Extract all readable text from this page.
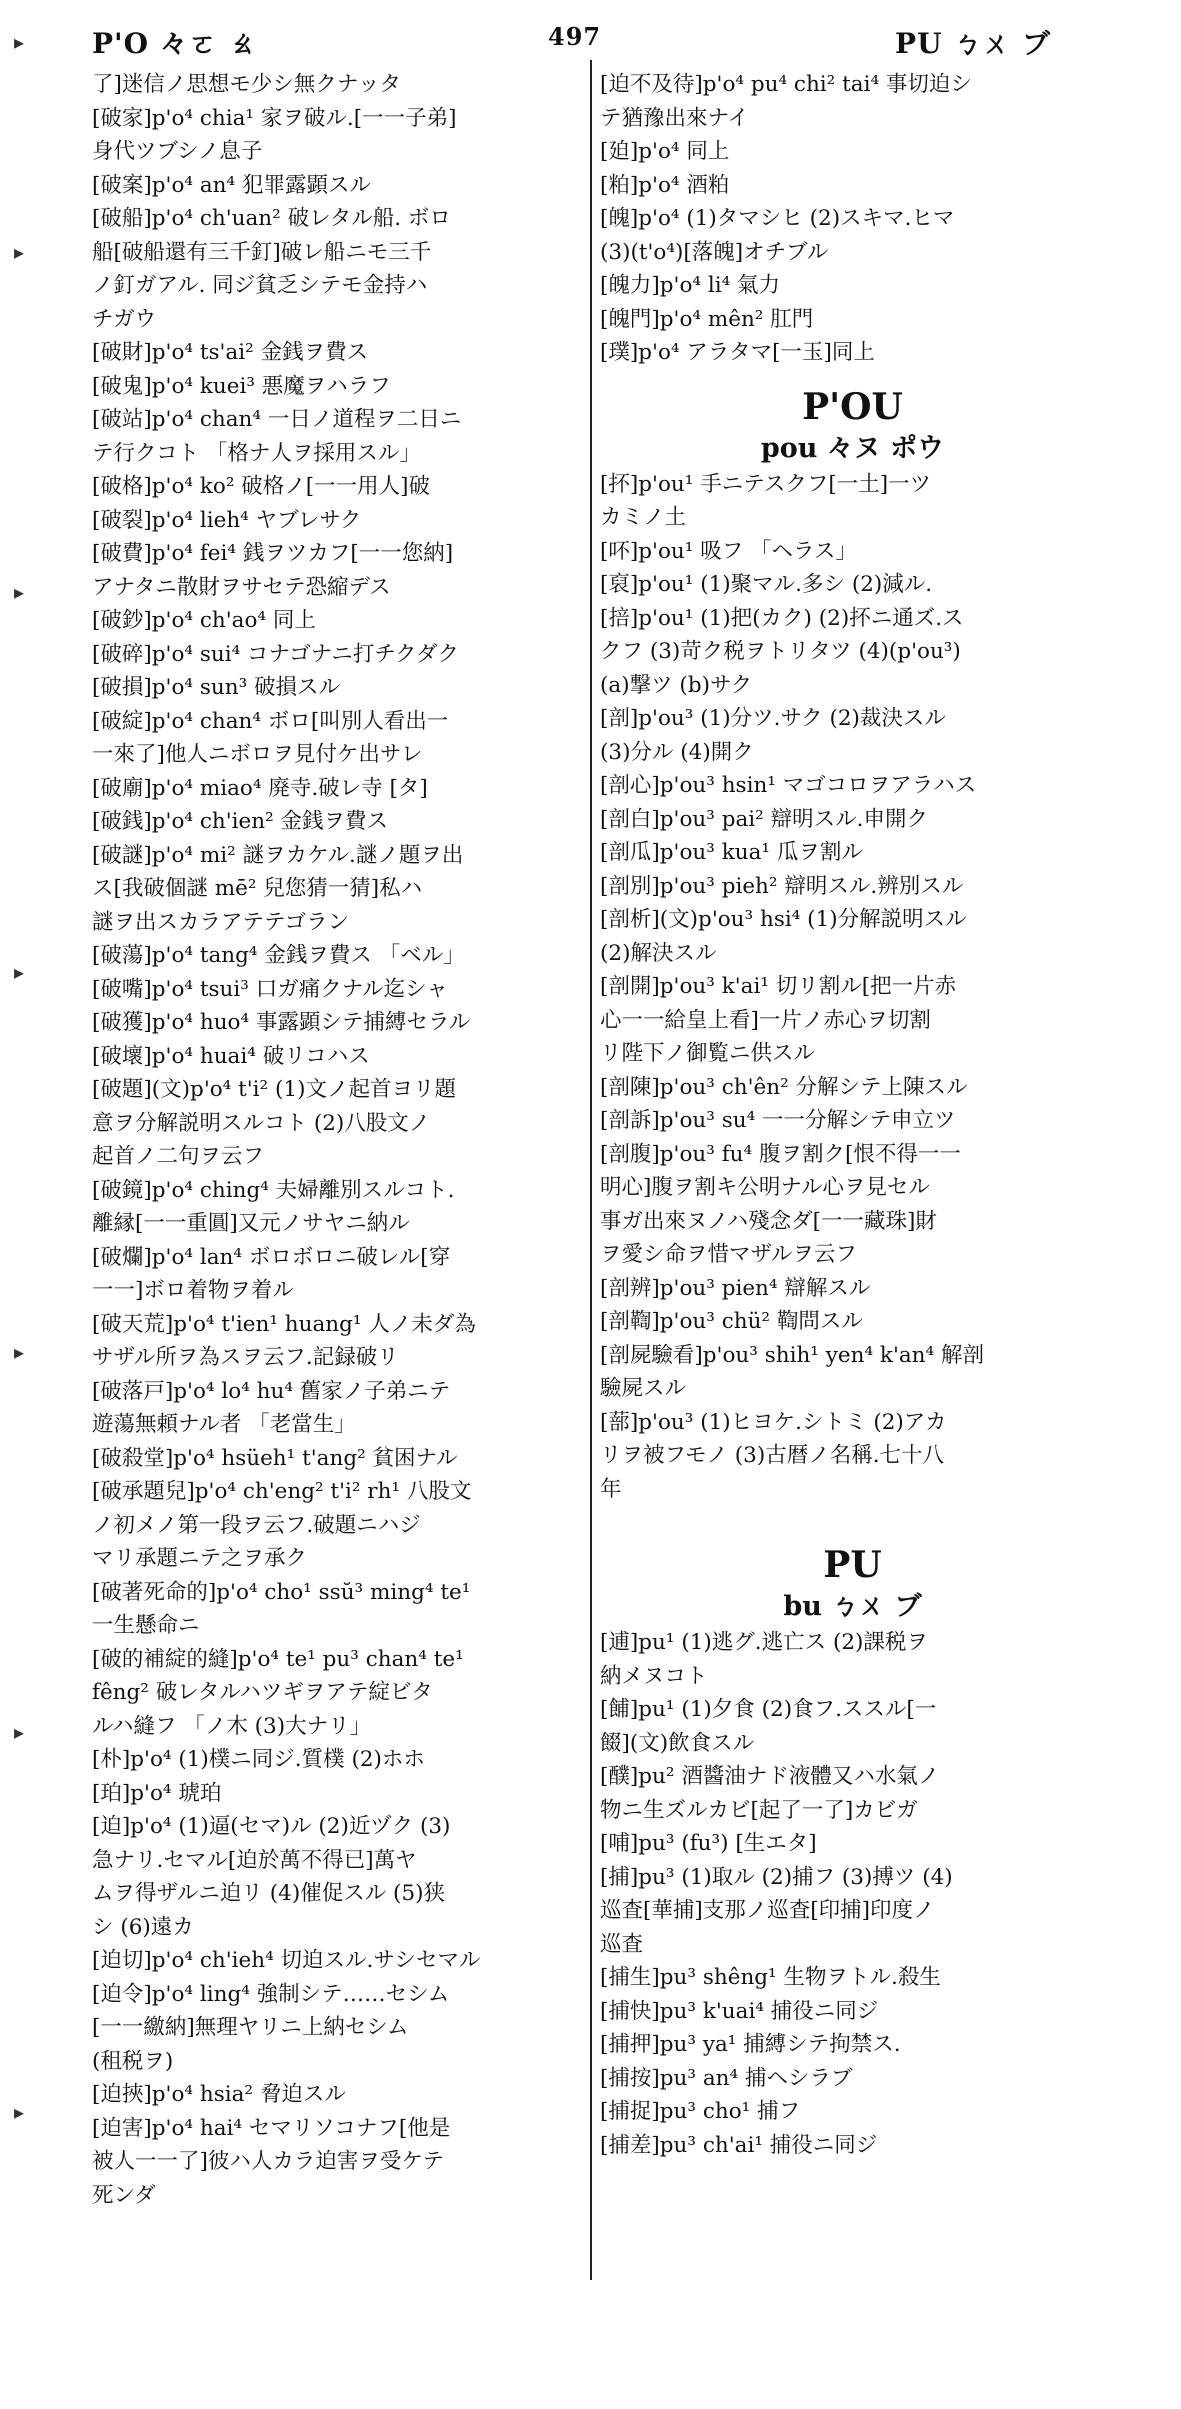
P'O 々ㄛ ㄠ	497	PU ㄅㄨ ブ
▸
▸
▸
▸
▸
▸
▸
了]迷信ノ思想モ少シ無クナッタ
[破家]p'o⁴ chia¹ 家ヲ破ル.[一一子弟]
身代ツブシノ息子
[破案]p'o⁴ an⁴ 犯罪露顕スル
[破船]p'o⁴ ch'uan² 破レタル船. ボロ
船[破船還有三千釘]破レ船ニモ三千
ノ釘ガアル. 同ジ貧乏シテモ金持ハ
チガウ
[破財]p'o⁴ ts'ai² 金銭ヲ費ス
[破鬼]p'o⁴ kuei³ 悪魔ヲハラフ
[破站]p'o⁴ chan⁴ 一日ノ道程ヲ二日ニ
テ行クコト 「格ナ人ヲ採用スル」
[破格]p'o⁴ ko² 破格ノ[一一用人]破
[破裂]p'o⁴ lieh⁴ ヤブレサク
[破費]p'o⁴ fei⁴ 銭ヲツカフ[一一您納]
アナタニ散財ヲサセテ恐縮デス
[破鈔]p'o⁴ ch'ao⁴ 同上
[破碎]p'o⁴ sui⁴ コナゴナニ打チクダク
[破損]p'o⁴ sun³ 破損スル
[破綻]p'o⁴ chan⁴ ボロ[叫別人看出一
一來了]他人ニボロヲ見付ケ出サレ
[破廟]p'o⁴ miao⁴ 廃寺.破レ寺 [タ]
[破銭]p'o⁴ ch'ien² 金銭ヲ費ス
[破謎]p'o⁴ mi² 謎ヲカケル.謎ノ題ヲ出
ス[我破個謎 mē² 兒您猜一猜]私ハ
謎ヲ出スカラアテテゴラン
[破蕩]p'o⁴ tang⁴ 金銭ヲ費ス 「ベル」
[破嘴]p'o⁴ tsui³ 口ガ痛クナル迄シャ
[破獲]p'o⁴ huo⁴ 事露顕シテ捕縛セラル
[破壞]p'o⁴ huai⁴ 破リコハス
[破題](文)p'o⁴ t'i² (1)文ノ起首ヨリ題
意ヲ分解説明スルコト (2)八股文ノ
起首ノ二句ヲ云フ
[破鏡]p'o⁴ ching⁴ 夫婦離別スルコト.
離縁[一一重圓]又元ノサヤニ納ル
[破爛]p'o⁴ lan⁴ ボロボロニ破レル[穿
一一]ボロ着物ヲ着ル
[破天荒]p'o⁴ t'ien¹ huang¹ 人ノ未ダ為
サザル所ヲ為スヲ云フ.記録破リ
[破落戸]p'o⁴ lo⁴ hu⁴ 舊家ノ子弟ニテ
遊蕩無頼ナル者 「老當生」
[破殺堂]p'o⁴ hsüeh¹ t'ang² 貧困ナル
[破承題兒]p'o⁴ ch'eng² t'i² rh¹ 八股文
ノ初メノ第一段ヲ云フ.破題ニハジ
マリ承題ニテ之ヲ承ク
[破著死命的]p'o⁴ cho¹ ssŭ³ ming⁴ te¹
一生懸命ニ
[破的補綻的縫]p'o⁴ te¹ pu³ chan⁴ te¹
fêng² 破レタルハツギヲアテ綻ビタ
ルハ縫フ 「ノ木 (3)大ナリ」
[朴]p'o⁴ (1)樸ニ同ジ.質樸 (2)ホホ
[珀]p'o⁴ 琥珀
[迫]p'o⁴ (1)逼(セマ)ル (2)近ヅク (3)
急ナリ.セマル[迫於萬不得已]萬ヤ
ムヲ得ザルニ迫リ (4)催促スル (5)狭
シ (6)遠カ
[迫切]p'o⁴ ch'ieh⁴ 切迫スル.サシセマル
[迫令]p'o⁴ ling⁴ 強制シテ……セシム
[一一繳納]無理ヤリニ上納セシム
(租税ヲ)
[迫挾]p'o⁴ hsia² 脅迫スル
[迫害]p'o⁴ hai⁴ セマリソコナフ[他是
被人一一了]彼ハ人カラ迫害ヲ受ケテ
死ンダ
[迫不及待]p'o⁴ pu⁴ chi² tai⁴ 事切迫シ
テ猶豫出來ナイ
[廹]p'o⁴ 同上
[粕]p'o⁴ 酒粕
[魄]p'o⁴ (1)タマシヒ (2)スキマ.ヒマ
(3)(t'o⁴)[落魄]オチブル
[魄力]p'o⁴ li⁴ 氣力
[魄門]p'o⁴ mên² 肛門
[璞]p'o⁴ アラタマ[一玉]同上
P'OU
pou 々ヌ ポウ
[抔]p'ou¹ 手ニテスクフ[一土]一ツ
カミノ土
[吥]p'ou¹ 吸フ 「ヘラス」
[裒]p'ou¹ (1)聚マル.多シ (2)減ル.
[掊]p'ou¹ (1)把(カク) (2)抔ニ通ズ.ス
クフ (3)苛ク税ヲトリタツ (4)(p'ou³)
(a)撃ツ (b)サク
[剖]p'ou³ (1)分ツ.サク (2)裁決スル
(3)分ル (4)開ク
[剖心]p'ou³ hsin¹ マゴコロヲアラハス
[剖白]p'ou³ pai² 辯明スル.申開ク
[剖瓜]p'ou³ kua¹ 瓜ヲ割ル
[剖別]p'ou³ pieh² 辯明スル.辨別スル
[剖析](文)p'ou³ hsi⁴ (1)分解説明スル
(2)解決スル
[剖開]p'ou³ k'ai¹ 切リ割ル[把一片赤
心一一給皇上看]一片ノ赤心ヲ切割
リ陛下ノ御覧ニ供スル
[剖陳]p'ou³ ch'ên² 分解シテ上陳スル
[剖訴]p'ou³ su⁴ 一一分解シテ申立ツ
[剖腹]p'ou³ fu⁴ 腹ヲ割ク[恨不得一一
明心]腹ヲ割キ公明ナル心ヲ見セル
事ガ出來ヌノハ殘念ダ[一一藏珠]財
ヲ愛シ命ヲ惜マザルヲ云フ
[剖辨]p'ou³ pien⁴ 辯解スル
[剖鞫]p'ou³ chü² 鞫問スル
[剖屍驗看]p'ou³ shih¹ yen⁴ k'an⁴ 解剖
驗屍スル
[蔀]p'ou³ (1)ヒヨケ.シトミ (2)アカ
リヲ被フモノ (3)古暦ノ名稱.七十八
年
PU
bu ㄅㄨ ブ
[逋]pu¹ (1)逃グ.逃亡ス (2)課税ヲ
納メヌコト
[餔]pu¹ (1)夕食 (2)食フ.ススル[一
餟](文)飲食スル
[醭]pu² 酒醬油ナド液體又ハ水氣ノ
物ニ生ズルカビ[起了一了]カビガ
[哺]pu³ (fu³) [生エタ]
[捕]pu³ (1)取ル (2)捕フ (3)搏ツ (4)
巡査[華捕]支那ノ巡査[印捕]印度ノ
巡査
[捕生]pu³ shêng¹ 生物ヲトル.殺生
[捕快]pu³ k'uai⁴ 捕役ニ同ジ
[捕押]pu³ ya¹ 捕縛シテ拘禁ス.
[捕按]pu³ an⁴ 捕ヘシラブ
[捕捉]pu³ cho¹ 捕フ
[捕差]pu³ ch'ai¹ 捕役ニ同ジ
